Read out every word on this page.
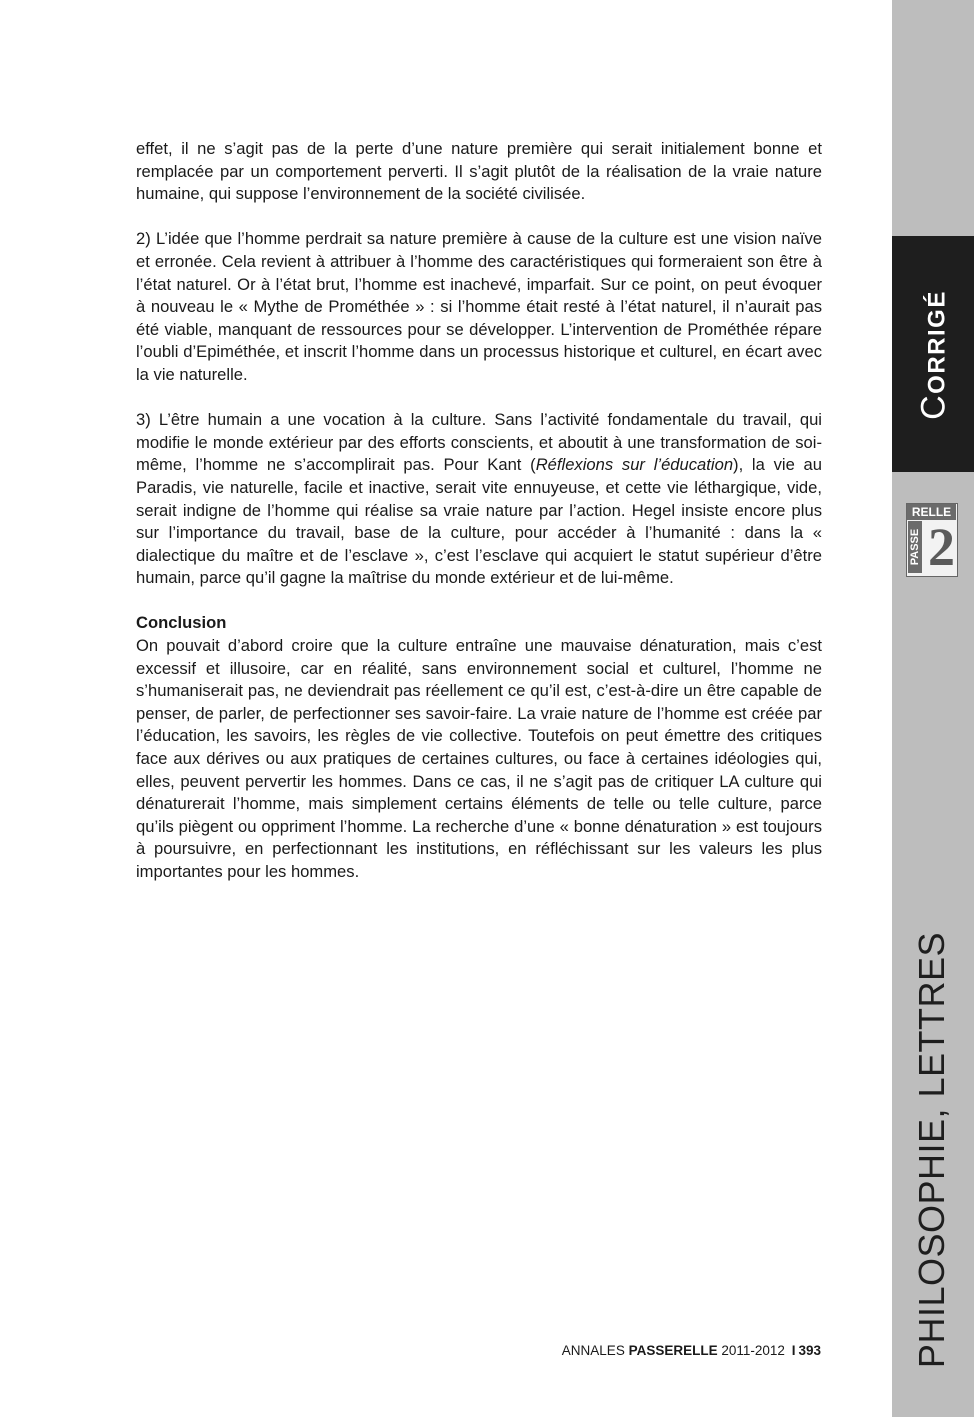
CORRIGÉ
RELLE
PASSE 2
PHILOSOPHIE, LETTRES

effet, il ne s’agit pas de la perte d’une nature première qui serait initialement bonne et remplacée par un comportement perverti. Il s’agit plutôt de la réalisation de la vraie nature humaine, qui suppose l’environnement de la société civilisée.

2) L’idée que l’homme perdrait sa nature première à cause de la culture est une vision naïve et erronée. Cela revient à attribuer à l’homme des caractéristiques qui formeraient son être à l’état naturel. Or à l’état brut, l’homme est inachevé, imparfait. Sur ce point, on peut évoquer à nouveau le « Mythe de Prométhée » : si l’homme était resté à l’état naturel, il n’aurait pas été viable, manquant de ressources pour se développer. L’intervention de Prométhée répare l’oubli d’Epiméthée, et inscrit l’homme dans un processus historique et culturel, en écart avec la vie naturelle.

3) L’être humain a une vocation à la culture. Sans l’activité fondamentale du travail, qui modifie le monde extérieur par des efforts conscients, et aboutit à une transformation de soi-même, l’homme ne s’accomplirait pas. Pour Kant (Réflexions sur l’éducation), la vie au Paradis, vie naturelle, facile et inactive, serait vite ennuyeuse, et cette vie léthargique, vide, serait indigne de l’homme qui réalise sa vraie nature par l’action. Hegel insiste encore plus sur l’importance du travail, base de la culture, pour accéder à l’humanité : dans la « dialectique du maître et de l’esclave », c’est l’esclave qui acquiert le statut supérieur d’être humain, parce qu’il gagne la maîtrise du monde extérieur et de lui-même.

Conclusion
On pouvait d’abord croire que la culture entraîne une mauvaise dénaturation, mais c’est excessif et illusoire, car en réalité, sans environnement social et culturel, l’homme ne s’humaniserait pas, ne deviendrait pas réellement ce qu’il est, c’est-à-dire un être capable de penser, de parler, de perfectionner ses savoir-faire. La vraie nature de l’homme est créée par l’éducation, les savoirs, les règles de vie collective. Toutefois on peut émettre des critiques face aux dérives ou aux pratiques de certaines cultures, ou face à certaines idéologies qui, elles, peuvent pervertir les hommes. Dans ce cas, il ne s’agit pas de critiquer LA culture qui dénaturerait l’homme, mais simplement certains éléments de telle ou telle culture, parce qu’ils piègent ou oppriment l’homme. La recherche d’une « bonne dénaturation » est toujours à poursuivre, en perfectionnant les institutions, en réfléchissant sur les valeurs les plus importantes pour les hommes.

ANNALES PASSERELLE 2011-2012 I 393
